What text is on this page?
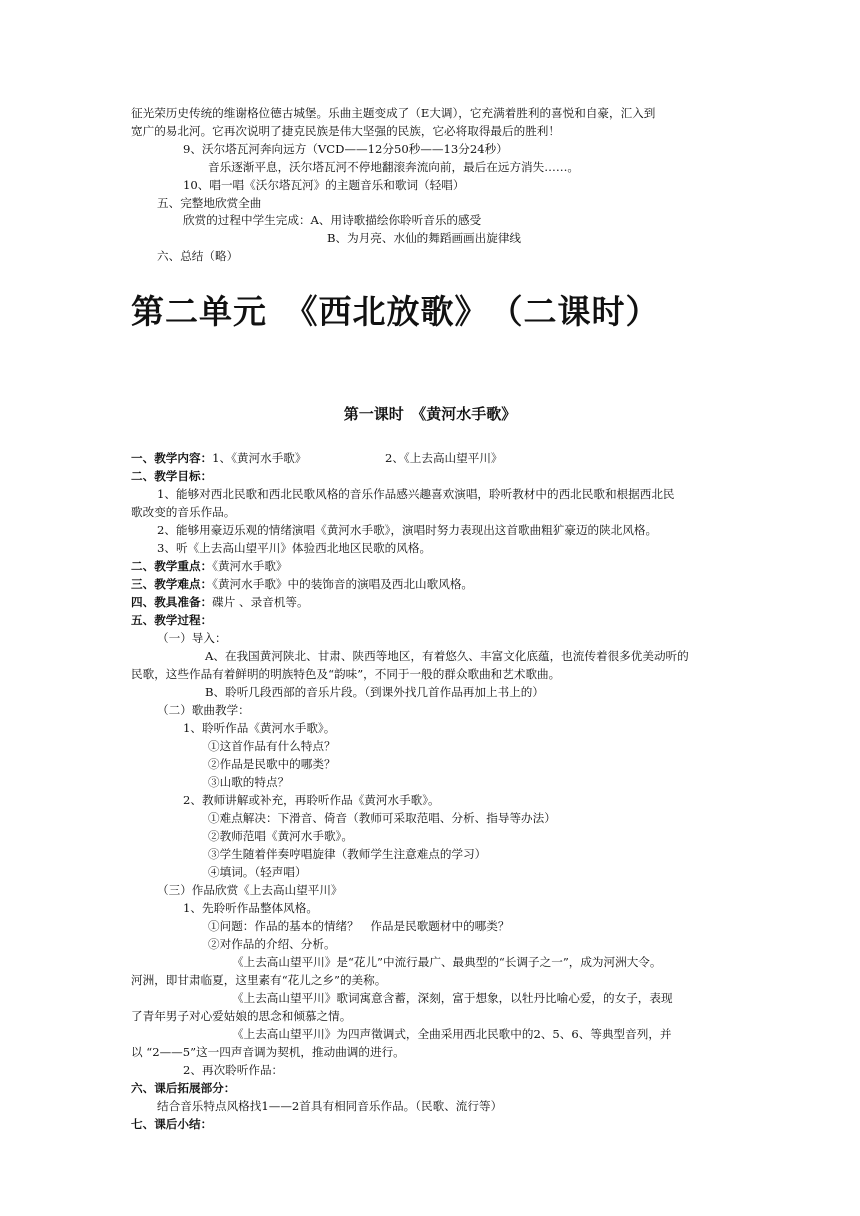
征光荣历史传统的维谢格位德古城堡。乐曲主题变成了（E大调），它充满着胜利的喜悦和自豪，汇入到
宽广的易北河。它再次说明了捷克民族是伟大坚强的民族，它必将取得最后的胜利！
9、沃尔塔瓦河奔向远方（VCD——12分50秒——13分24秒）
音乐逐渐平息，沃尔塔瓦河不停地翻滚奔流向前，最后在远方消失……。
10、唱一唱《沃尔塔瓦河》的主题音乐和歌词（轻唱）
五、完整地欣赏全曲
欣赏的过程中学生完成：A、用诗歌描绘你聆听音乐的感受
B、为月亮、水仙的舞蹈画画出旋律线
六、总结（略）
第二单元　《西北放歌》　（二课时）
第一课时　《黄河水手歌》
一、教学内容：1、《黄河水手歌》	2、《上去高山望平川》
二、教学目标：
1、能够对西北民歌和西北民歌风格的音乐作品感兴趣喜欢演唱，聆听教材中的西北民歌和根据西北民
歌改变的音乐作品。
2、能够用豪迈乐观的情绪演唱《黄河水手歌》，演唱时努力表现出这首歌曲粗犷豪迈的陕北风格。
3、听《上去高山望平川》体验西北地区民歌的风格。
二、教学重点：《黄河水手歌》
三、教学难点：《黄河水手歌》中的装饰音的演唱及西北山歌风格。
四、教具准备：碟片 、录音机等。
五、教学过程：
（一）导入：
A、在我国黄河陕北、甘肃、陕西等地区，有着悠久、丰富文化底蕴，也流传着很多优美动听的
民歌，这些作品有着鲜明的明族特色及“韵味”，不同于一般的群众歌曲和艺术歌曲。
B、聆听几段西部的音乐片段。（到课外找几首作品再加上书上的）
（二）歌曲教学：
1、聆听作品《黄河水手歌》。
①这首作品有什么特点？
②作品是民歌中的哪类？
③山歌的特点？
2、教师讲解或补充，再聆听作品《黄河水手歌》。
①难点解决：下滑音、倚音（教师可采取范唱、分析、指导等办法）
②教师范唱《黄河水手歌》。
③学生随着伴奏哼唱旋律（教师学生注意难点的学习）
④填词。（轻声唱）
（三）作品欣赏《上去高山望平川》
1、先聆听作品整体风格。
①问题：作品的基本的情绪？　作品是民歌题材中的哪类？
②对作品的介绍、分析。
《上去高山望平川》是“花儿”中流行最广、最典型的“长调子之一”，成为河洲大令。
河洲，即甘肃临夏，这里素有“花儿之乡”的美称。
《上去高山望平川》歌词寓意含蓄，深刻，富于想象，以牡丹比喻心爱，的女子，表现
了青年男子对心爱姑娘的思念和倾慕之情。
《上去高山望平川》为四声徵调式，全曲采用西北民歌中的2、5、6、等典型音列，并
以 “2——5”这一四声音调为契机，推动曲调的进行。
2、再次聆听作品：
六、课后拓展部分：
结合音乐特点风格找1——2首具有相同音乐作品。（民歌、流行等）
七、课后小结：
